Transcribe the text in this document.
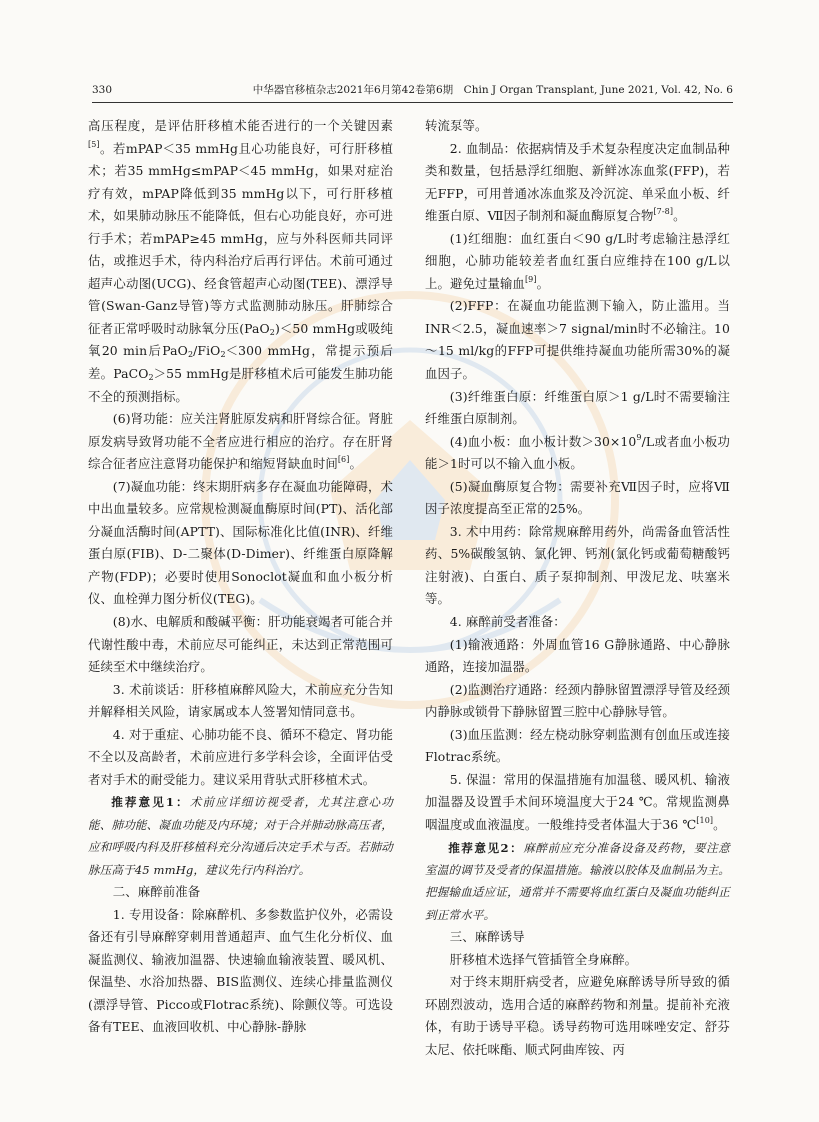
330	中华器官移植杂志2021年6月第42卷第6期　Chin J Organ Transplant, June 2021, Vol. 42, No. 6

高压程度，是评估肝移植术能否进行的一个关键因素[5]。若mPAP＜35 mmHg且心功能良好，可行肝移植术；若35 mmHg≤mPAP＜45 mmHg，如果对症治疗有效，mPAP降低到35 mmHg以下，可行肝移植术，如果肺动脉压不能降低，但右心功能良好，亦可进行手术；若mPAP≥45 mmHg，应与外科医师共同评估，或推迟手术，待内科治疗后再行评估。术前可通过超声心动图(UCG)、经食管超声心动图(TEE)、漂浮导管(Swan-Ganz导管)等方式监测肺动脉压。肝肺综合征者正常呼吸时动脉氧分压(PaO$_2$)＜50 mmHg或吸纯氧20 min后PaO$_2$/FiO$_2$＜300 mmHg，常提示预后差。PaCO$_2$＞55 mmHg是肝移植术后可能发生肺功能不全的预测指标。

(6)肾功能：应关注肾脏原发病和肝肾综合征。肾脏原发病导致肾功能不全者应进行相应的治疗。存在肝肾综合征者应注意肾功能保护和缩短肾缺血时间[6]。

(7)凝血功能：终末期肝病多存在凝血功能障碍，术中出血量较多。应常规检测凝血酶原时间(PT)、活化部分凝血活酶时间(APTT)、国际标准化比值(INR)、纤维蛋白原(FIB)、D-二聚体(D-Dimer)、纤维蛋白原降解产物(FDP)；必要时使用Sonoclot凝血和血小板分析仪、血栓弹力图分析仪(TEG)。

(8)水、电解质和酸碱平衡：肝功能衰竭者可能合并代谢性酸中毒，术前应尽可能纠正，未达到正常范围可延续至术中继续治疗。

3. 术前谈话：肝移植麻醉风险大，术前应充分告知并解释相关风险，请家属或本人签署知情同意书。

4. 对于重症、心肺功能不良、循环不稳定、肾功能不全以及高龄者，术前应进行多学科会诊，全面评估受者对手术的耐受能力。建议采用背驮式肝移植术式。

推荐意见1：术前应详细访视受者，尤其注意心功能、肺功能、凝血功能及内环境；对于合并肺动脉高压者，应和呼吸内科及肝移植科充分沟通后决定手术与否。若肺动脉压高于45 mmHg，建议先行内科治疗。

二、麻醉前准备

1. 专用设备：除麻醉机、多参数监护仪外，必需设备还有引导麻醉穿刺用普通超声、血气生化分析仪、血凝监测仪、输液加温器、快速输血输液装置、暖风机、保温垫、水浴加热器、BIS监测仪、连续心排量监测仪(漂浮导管、Picco或Flotrac系统)、除颤仪等。可选设备有TEE、血液回收机、中心静脉-静脉

转流泵等。

2. 血制品：依据病情及手术复杂程度决定血制品种类和数量，包括悬浮红细胞、新鲜冰冻血浆(FFP)，若无FFP，可用普通冰冻血浆及冷沉淀、单采血小板、纤维蛋白原、Ⅶ因子制剂和凝血酶原复合物[7-8]。

(1)红细胞：血红蛋白＜90 g/L时考虑输注悬浮红细胞，心肺功能较差者血红蛋白应维持在100 g/L以上。避免过量输血[9]。

(2)FFP：在凝血功能监测下输入，防止滥用。当INR＜2.5，凝血速率＞7 signal/min时不必输注。10～15 ml/kg的FFP可提供维持凝血功能所需30%的凝血因子。

(3)纤维蛋白原：纤维蛋白原＞1 g/L时不需要输注纤维蛋白原制剂。

(4)血小板：血小板计数$>30\times 10^9/L$或者血小板功能＞1时可以不输入血小板。

(5)凝血酶原复合物：需要补充Ⅶ因子时，应将Ⅶ因子浓度提高至正常的25%。

3. 术中用药：除常规麻醉用药外，尚需备血管活性药、5%碳酸氢钠、氯化钾、钙剂(氯化钙或葡萄糖酸钙注射液)、白蛋白、质子泵抑制剂、甲泼尼龙、呋塞米等。

4. 麻醉前受者准备：

(1)输液通路：外周血管16 G静脉通路、中心静脉通路，连接加温器。

(2)监测治疗通路：经颈内静脉留置漂浮导管及经颈内静脉或锁骨下静脉留置三腔中心静脉导管。

(3)血压监测：经左桡动脉穿刺监测有创血压或连接Flotrac系统。

5. 保温：常用的保温措施有加温毯、暖风机、输液加温器及设置手术间环境温度大于24 ℃。常规监测鼻咽温度或血液温度。一般维持受者体温大于36 ℃[10]。

推荐意见2：麻醉前应充分准备设备及药物，要注意室温的调节及受者的保温措施。输液以胶体及血制品为主。把握输血适应证，通常并不需要将血红蛋白及凝血功能纠正到正常水平。

三、麻醉诱导

肝移植术选择气管插管全身麻醉。

对于终末期肝病受者，应避免麻醉诱导所导致的循环剧烈波动，选用合适的麻醉药物和剂量。提前补充液体，有助于诱导平稳。诱导药物可选用咪唑安定、舒芬太尼、依托咪酯、顺式阿曲库铵、丙
